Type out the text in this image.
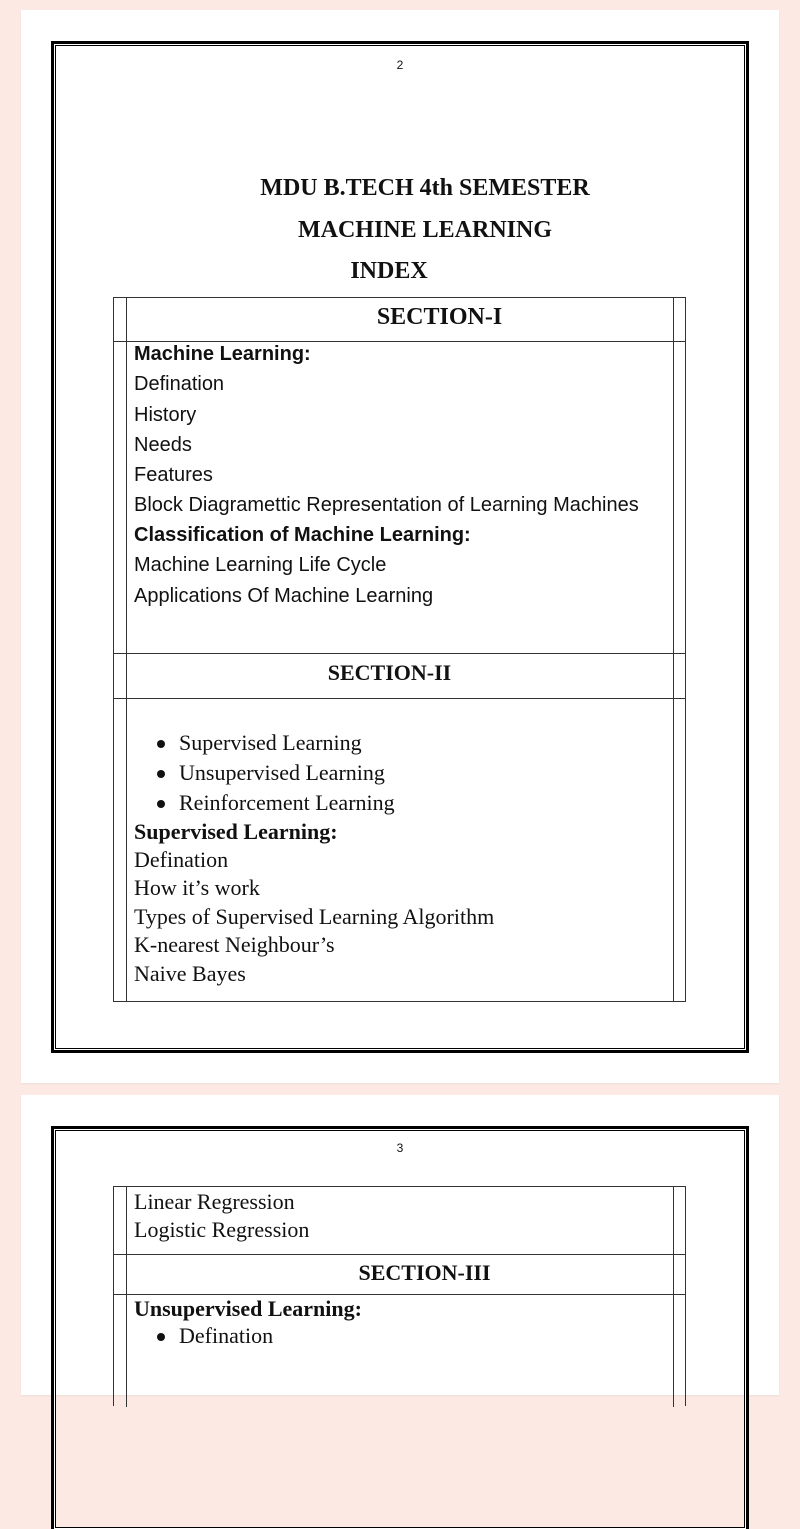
2
MDU B.TECH 4th SEMESTER
MACHINE LEARNING
INDEX
SECTION-I
SECTION-II
Machine Learning:
Defination
History
Needs
Features
Block Diagramettic Representation of Learning Machines
Classification of Machine Learning:
Machine Learning Life Cycle
Applications Of Machine Learning
Supervised Learning
Unsupervised Learning
Reinforcement Learning
Supervised Learning:
Defination
How it’s work
Types of Supervised Learning Algorithm
K-nearest Neighbour’s
Naive Bayes
3
SECTION-III
Linear Regression
Logistic Regression
Unsupervised Learning:
Defination
